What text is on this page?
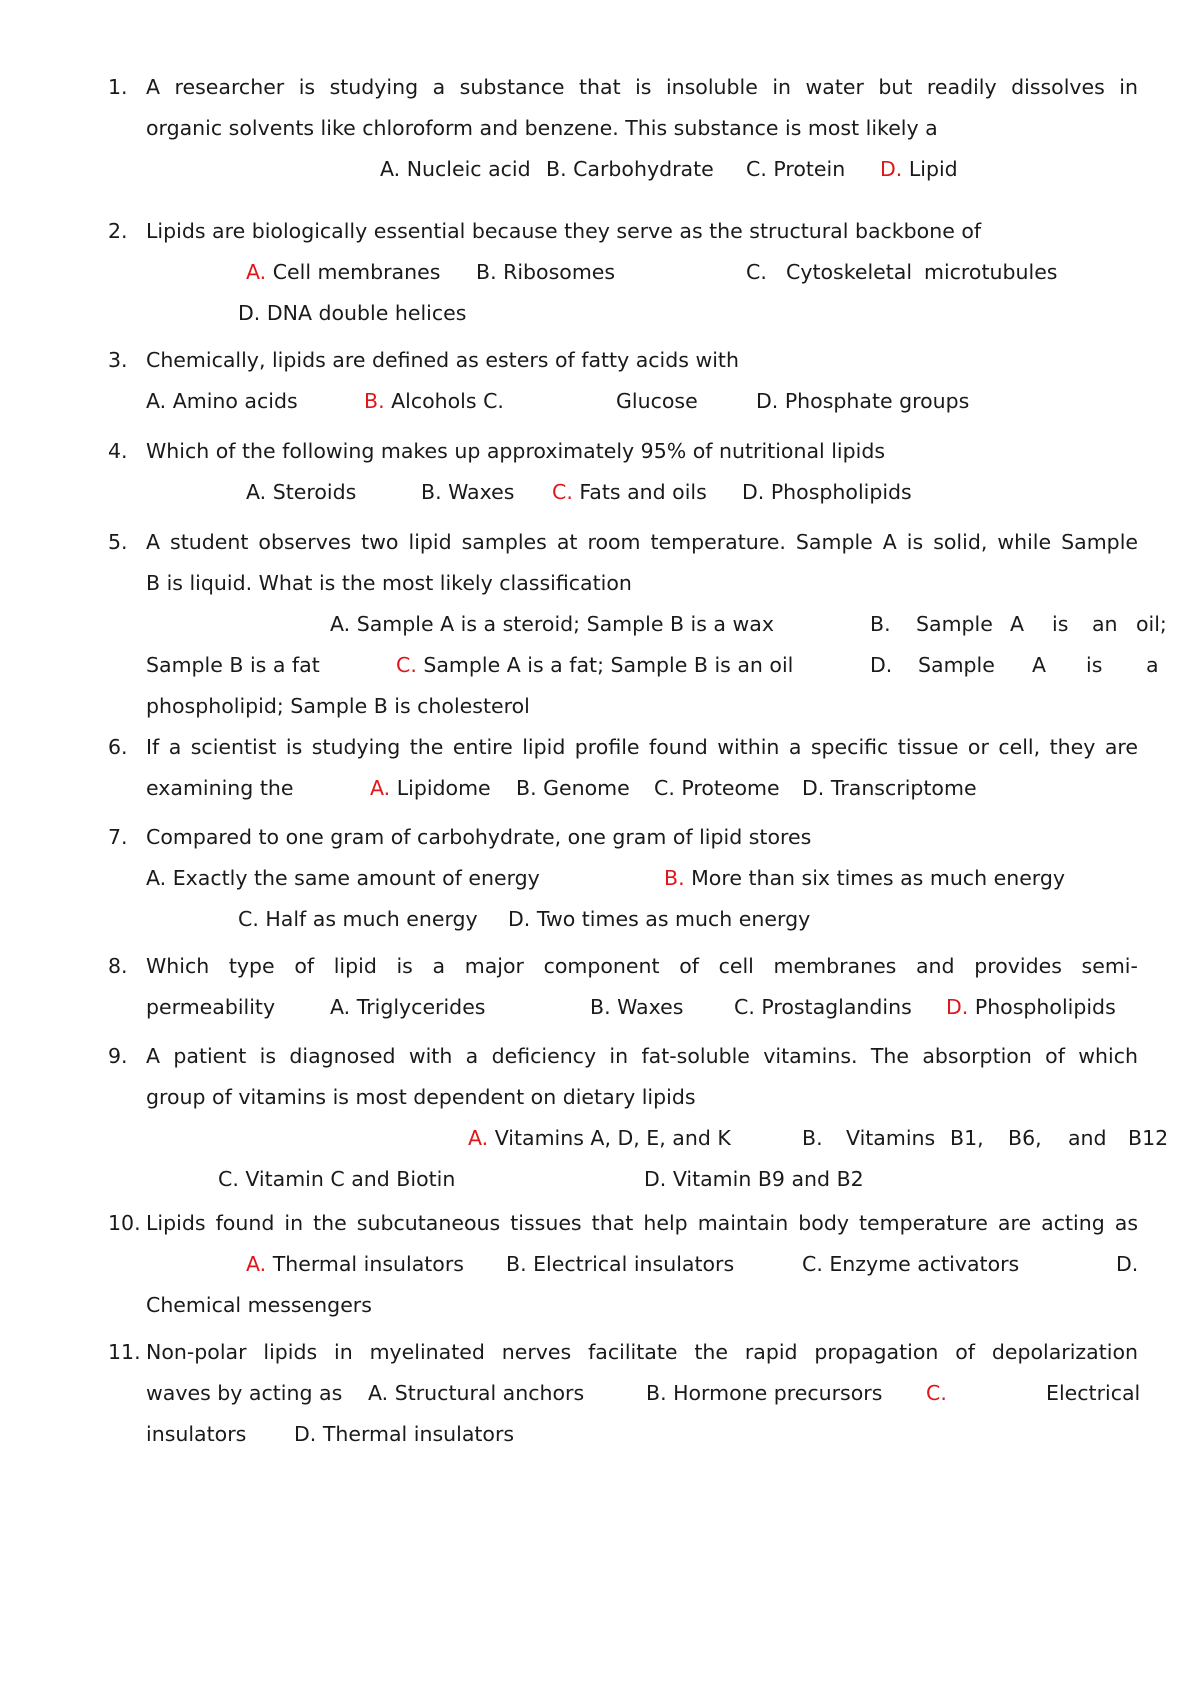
1. A researcher is studying a substance that is insoluble in water but readily dissolves in
organic solvents like chloroform and benzene. This substance is most likely a
A. Nucleic acid B. Carbohydrate C. Protein D. Lipid
2. Lipids are biologically essential because they serve as the structural backbone of
A. Cell membranes B. Ribosomes	C. Cytoskeletal microtubules
D. DNA double helices
3. Chemically, lipids are defined as esters of fatty acids with
A. Amino acids	B. Alcohols C.	Glucose	D. Phosphate groups
4. Which of the following makes up approximately 95% of nutritional lipids
A. Steroids	B. Waxes C. Fats and oils D. Phospholipids
5. A student observes two lipid samples at room temperature. Sample A is solid, while Sample
B is liquid. What is the most likely classification
A. Sample A is a steroid; Sample B is a wax	B. Sample A is an oil;
Sample B is a fat	C. Sample A is a fat; Sample B is an oil	D. Sample A is a
phospholipid; Sample B is cholesterol
6. If a scientist is studying the entire lipid profile found within a specific tissue or cell, they are
examining the	A. Lipidome B. Genome C. Proteome D. Transcriptome
7. Compared to one gram of carbohydrate, one gram of lipid stores
A. Exactly the same amount of energy	B. More than six times as much energy
C. Half as much energy D. Two times as much energy
8. Which type of lipid is a major component of cell membranes and provides semi-
permeability	A. Triglycerides	B. Waxes C. Prostaglandins D. Phospholipids
9. A patient is diagnosed with a deficiency in fat-soluble vitamins. The absorption of which
group of vitamins is most dependent on dietary lipids
A. Vitamins A, D, E, and K	B. Vitamins B1, B6, and B12
C. Vitamin C and Biotin	D. Vitamin B9 and B2
10. Lipids found in the subcutaneous tissues that help maintain body temperature are acting as
A. Thermal insulators B. Electrical insulators	C. Enzyme activators	D.
Chemical messengers
11. Non-polar lipids in myelinated nerves facilitate the rapid propagation of depolarization
waves by acting as A. Structural anchors	B. Hormone precursors C.	Electrical
insulators D. Thermal insulators
